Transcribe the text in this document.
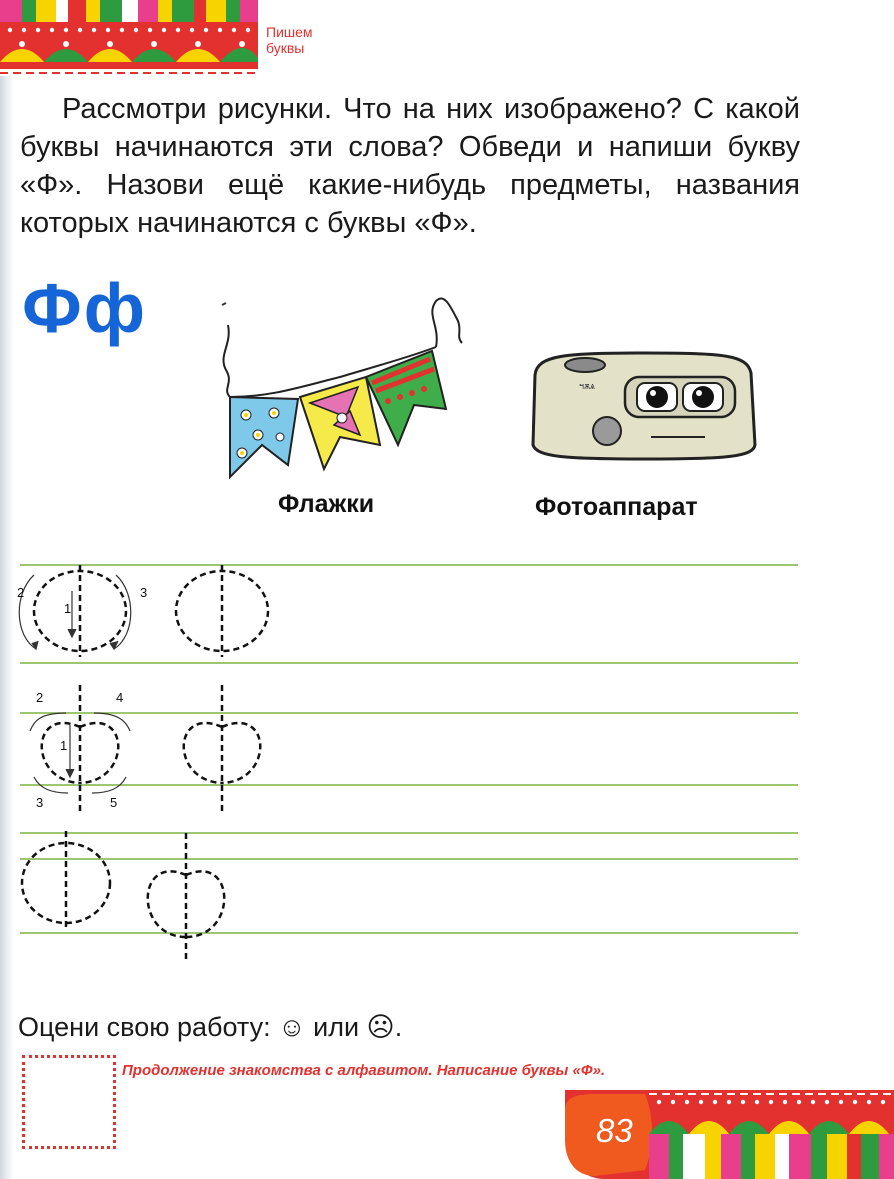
Пишем
буквы
Рассмотри рисунки. Что на них изображено? С какой буквы начинаются эти слова? Обведи и напиши букву «Ф». Назови ещё какие-нибудь предметы, названия которых начинаются с буквы «Ф».
Фф
ฯѫѧ
Флажки	Фотоаппарат
1
2	3
1
2
3
4
5
Оцени свою работу: ☺ или ☹.
Продолжение знакомства с алфавитом. Написание буквы «Ф».
83
